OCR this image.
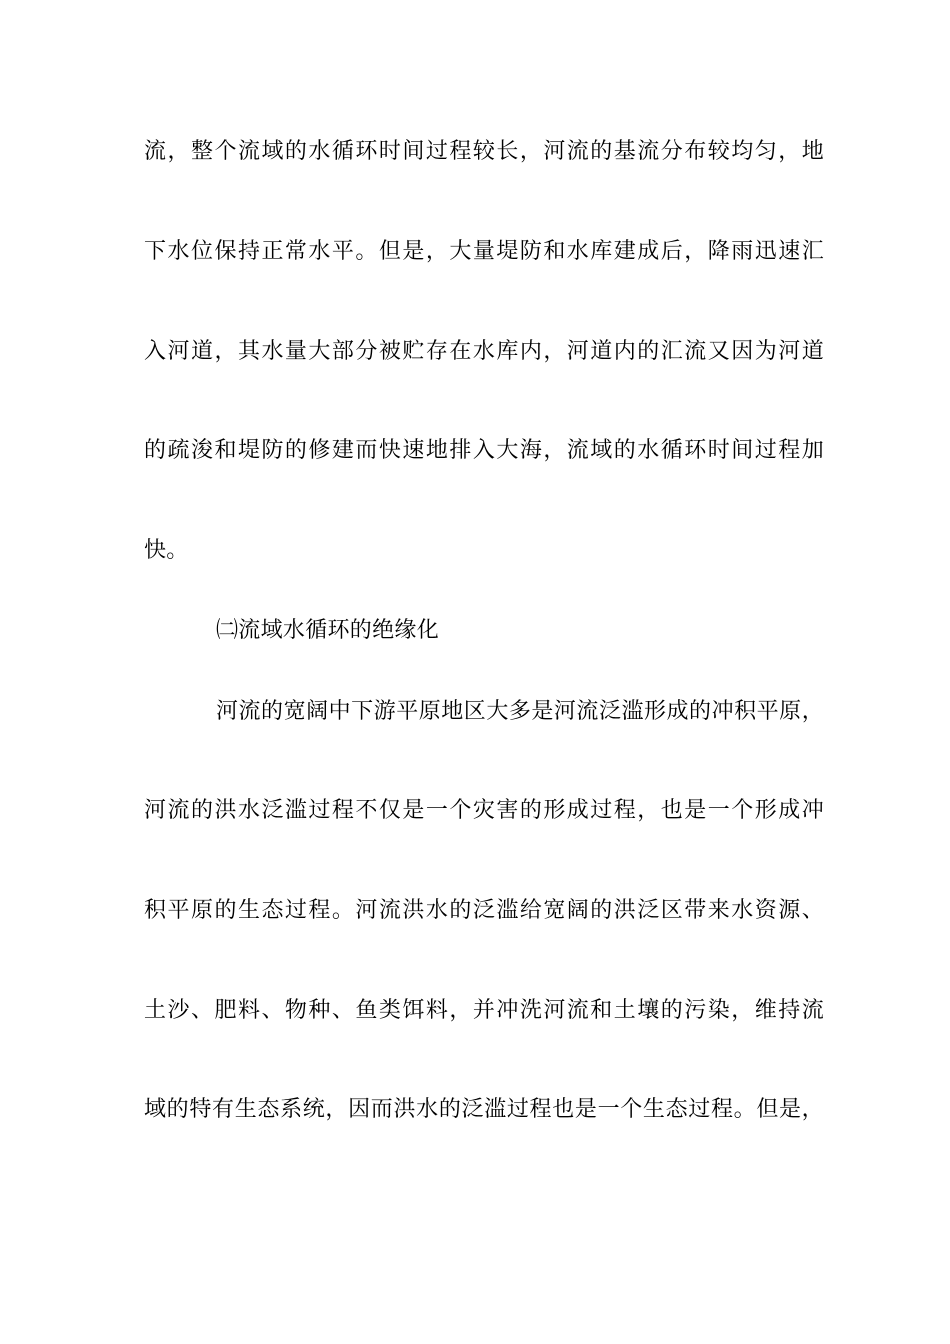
流，整个流域的水循环时间过程较长，河流的基流分布较均匀，地
下水位保持正常水平。但是，大量堤防和水库建成后，降雨迅速汇
入河道，其水量大部分被贮存在水库内，河道内的汇流又因为河道
的疏浚和堤防的修建而快速地排入大海，流域的水循环时间过程加
快。
㈡流域水循环的绝缘化
河流的宽阔中下游平原地区大多是河流泛滥形成的冲积平原，
河流的洪水泛滥过程不仅是一个灾害的形成过程，也是一个形成冲
积平原的生态过程。河流洪水的泛滥给宽阔的洪泛区带来水资源、
土沙、肥料、物种、鱼类饵料，并冲洗河流和土壤的污染，维持流
域的特有生态系统，因而洪水的泛滥过程也是一个生态过程。但是，
